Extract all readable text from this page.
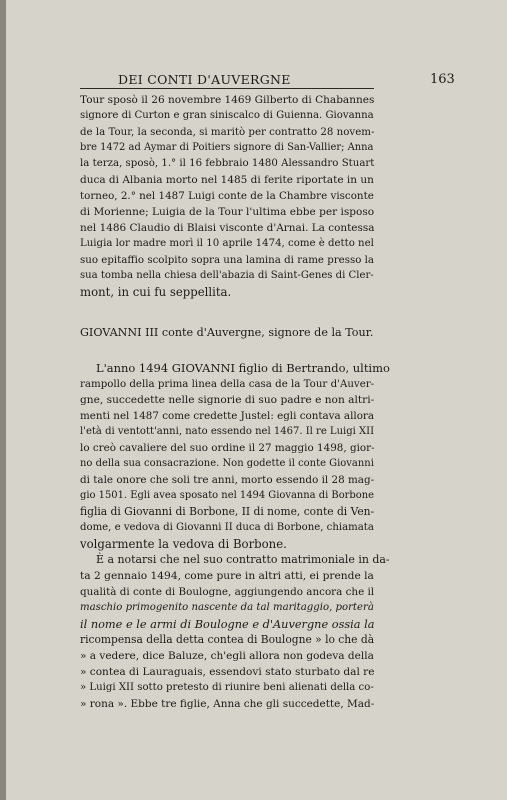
DEI CONTI D'AUVERGNE	163
Tour sposò il 26 novembre 1469 Gilberto di Chabannes
signore di Curton e gran siniscalco di Guienna. Giovanna
de la Tour, la seconda, si maritò per contratto 28 novem-
bre 1472 ad Aymar di Poitiers signore di San-Vallier; Anna
la terza, sposò, 1.° il 16 febbraio 1480 Alessandro Stuart
duca di Albania morto nel 1485 di ferite riportate in un
torneo, 2.° nel 1487 Luigi conte de la Chambre visconte
di Morienne; Luigia de la Tour l'ultima ebbe per isposo
nel 1486 Claudio di Blaisi visconte d'Arnai. La contessa
Luigia lor madre morì il 10 aprile 1474, come è detto nel
suo epitaffio scolpito sopra una lamina di rame presso la
sua tomba nella chiesa dell'abazia di Saint-Genes di Cler-
mont, in cui fu seppellita.
GIOVANNI III conte d'Auvergne, signore de la Tour.
L'anno 1494 GIOVANNI figlio di Bertrando, ultimo
rampollo della prima linea della casa de la Tour d'Auver-
gne, succedette nelle signorie di suo padre e non altri-
menti nel 1487 come credette Justel: egli contava allora
l'età di ventott'anni, nato essendo nel 1467. Il re Luigi XII
lo creò cavaliere del suo ordine il 27 maggio 1498, gior-
no della sua consacrazione. Non godette il conte Giovanni
di tale onore che soli tre anni, morto essendo il 28 mag-
gio 1501. Egli avea sposato nel 1494 Giovanna di Borbone
figlia di Giovanni di Borbone, II di nome, conte di Ven-
dome, e vedova di Giovanni II duca di Borbone, chiamata
volgarmente la vedova di Borbone.
È a notarsi che nel suo contratto matrimoniale in da-
ta 2 gennaio 1494, come pure in altri atti, ei prende la
qualità di conte di Boulogne, aggiungendo ancora che il
maschio primogenito nascente da tal maritaggio, porterà
il nome e le armi di Boulogne e d'Auvergne ossia la
ricompensa della detta contea di Boulogne » lo che dà
» a vedere, dice Baluze, ch'egli allora non godeva della
» contea di Lauraguais, essendovi stato sturbato dal re
» Luigi XII sotto pretesto di riunire beni alienati della co-
» rona ». Ebbe tre figlie, Anna che gli succedette, Mad-
